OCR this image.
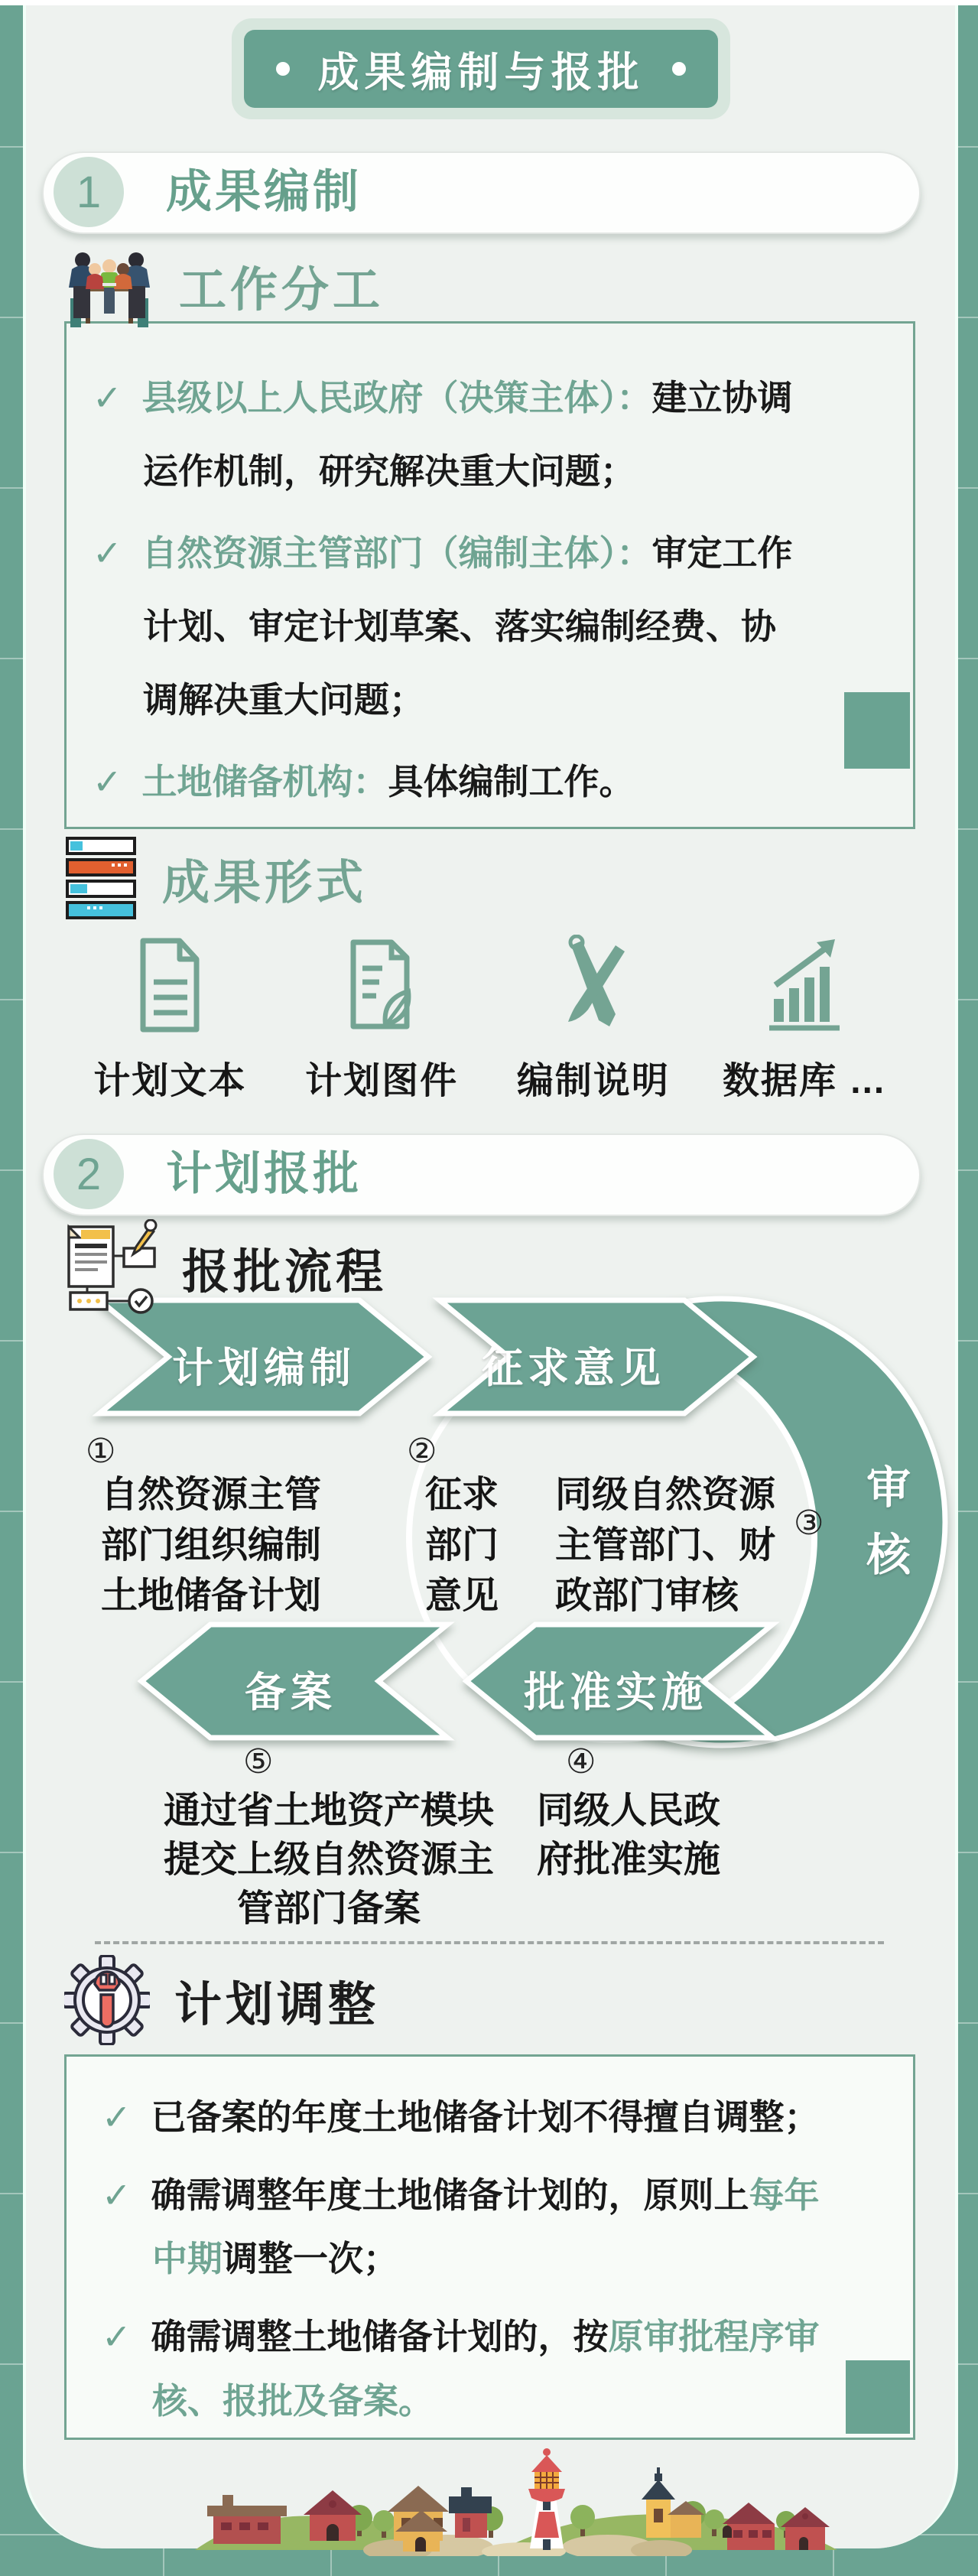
成果编制与报批
1	成果编制
工作分工
✓ 县级以上人民政府（决策主体）：建立协调运作机制，研究解决重大问题；
✓ 自然资源主管部门（编制主体）：审定工作计划、审定计划草案、落实编制经费、协调解决重大问题；
✓ 土地储备机构：具体编制工作。
成果形式
计划文本 计划图件 编制说明 数据库 …
2	计划报批
报批流程
计划编制	征求意见
备案	批准实施
审
核
①	②
③
④
⑤
自然资源主管
部门组织编制
土地储备计划
征求
部门
意见
同级自然资源
主管部门、财
政部门审核
通过省土地资产模块
提交上级自然资源主
管部门备案
同级人民政
府批准实施
计划调整
✓ 已备案的年度土地储备计划不得擅自调整；
✓ 确需调整年度土地储备计划的，原则上每年中期调整一次；
✓ 确需调整土地储备计划的，按原审批程序审核、报批及备案。
